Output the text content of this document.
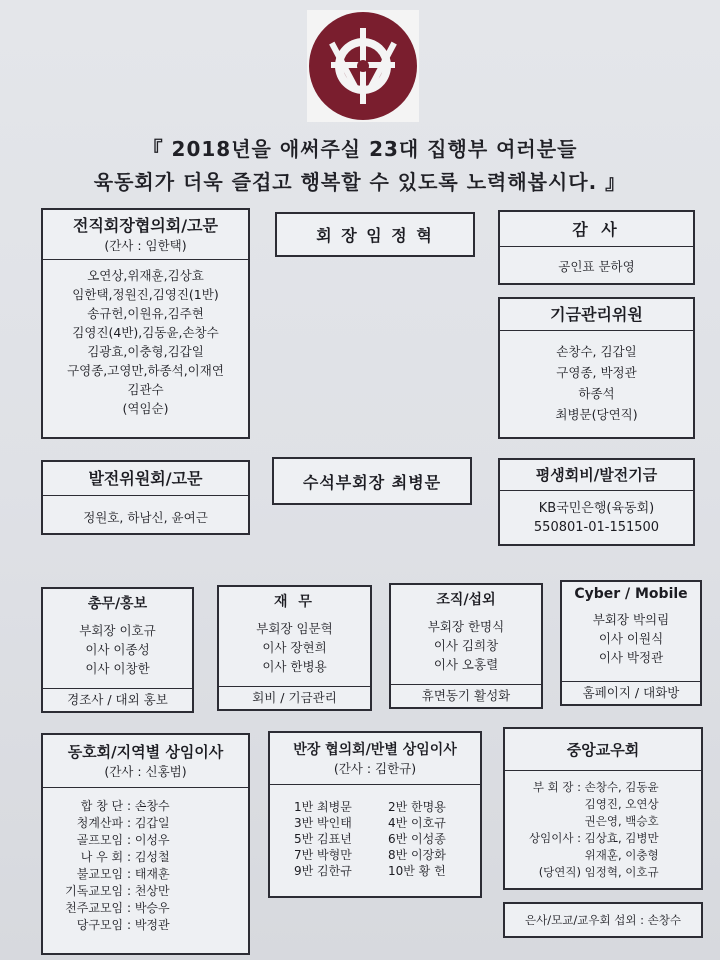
『 2018년을 애써주실 23대 집행부 여러분들
육동회가 더욱 즐겁고 행복할 수 있도록 노력해봅시다. 』
전직회장협의회/고문
(간사 : 임한택)
오연상,위재훈,김상효
임한택,정원진,김영진(1반)
송규헌,이원유,김주현
김영진(4반),김동윤,손창수
김광효,이충형,김갑일
구영종,고영만,하종석,이재연
김관수
(역임순)
회 장 임 정 혁	감 사
공인표 문하영
기금관리위원
손창수, 김갑일
구영종, 박정관
하종석
최병문(당연직)
발전위원회/고문
정원호, 하남신, 윤여근
수석부회장 최병문	평생회비/발전기금
KB국민은행(육동회)
550801-01-151500
총무/홍보
부회장 이호규
이사 이종성
이사 이창한
경조사 / 대외 홍보
재 무
부회장 임문혁
이사 장현희
이사 한병용
회비 / 기금관리
조직/섭외
부회장 한명식
이사 김희창
이사 오홍렬
휴면동기 활성화
Cyber / Mobile
부회장 박의림
이사 이원식
이사 박정관
홈페이지 / 대화방
동호회/지역별 상임이사
(간사 : 신홍범)
합 창 단 : 손창수
청계산파 : 김갑일
골프모임 : 이성우
나 우 회 : 김성철
불교모임 : 태재훈
기독교모임 : 천상만
천주교모임 : 박승우
당구모임 : 박정관
반장 협의회/반별 상임이사
(간사 : 김한규)
1반 최병문	2반 한명용
3반 박인태	4반 이호규
5반 김표년	6반 이성종
7반 박형만	8반 이장화
9반 김한규	10반 황 헌
중앙교우회
부 회 장 : 손창수, 김동윤
김영진, 오연상
권은영, 백승호
상임이사 : 김상효, 김병만
위재훈, 이충형
(당연직) 임정혁, 이호규
은사/모교/교우회 섭외 : 손창수
